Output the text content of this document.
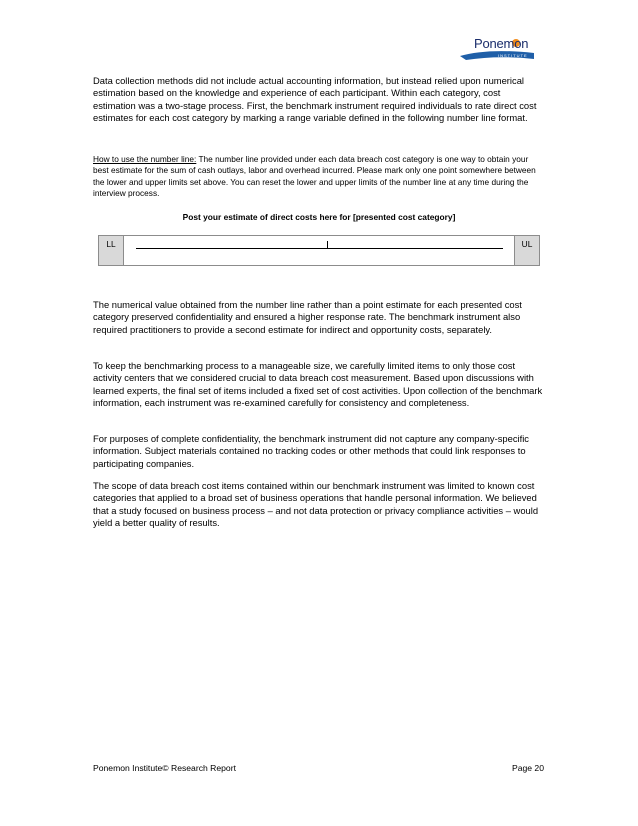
Ponemon
INSTITUTE

Data collection methods did not include actual accounting information, but instead relied upon numerical estimation based on the knowledge and experience of each participant. Within each category, cost estimation was a two-stage process. First, the benchmark instrument required individuals to rate direct cost estimates for each cost category by marking a range variable defined in the following number line format.

How to use the number line: The number line provided under each data breach cost category is one way to obtain your best estimate for the sum of cash outlays, labor and overhead incurred. Please mark only one point somewhere between the lower and upper limits set above. You can reset the lower and upper limits of the number line at any time during the interview process.

Post your estimate of direct costs here for [presented cost category]
LL	UL

The numerical value obtained from the number line rather than a point estimate for each presented cost category preserved confidentiality and ensured a higher response rate. The benchmark instrument also required practitioners to provide a second estimate for indirect and opportunity costs, separately.

To keep the benchmarking process to a manageable size, we carefully limited items to only those cost activity centers that we considered crucial to data breach cost measurement. Based upon discussions with learned experts, the final set of items included a fixed set of cost activities. Upon collection of the benchmark information, each instrument was re-examined carefully for consistency and completeness.

For purposes of complete confidentiality, the benchmark instrument did not capture any company-specific information. Subject materials contained no tracking codes or other methods that could link responses to participating companies.

The scope of data breach cost items contained within our benchmark instrument was limited to known cost categories that applied to a broad set of business operations that handle personal information. We believed that a study focused on business process – and not data protection or privacy compliance activities – would yield a better quality of results.

Ponemon Institute© Research Report	Page 20
